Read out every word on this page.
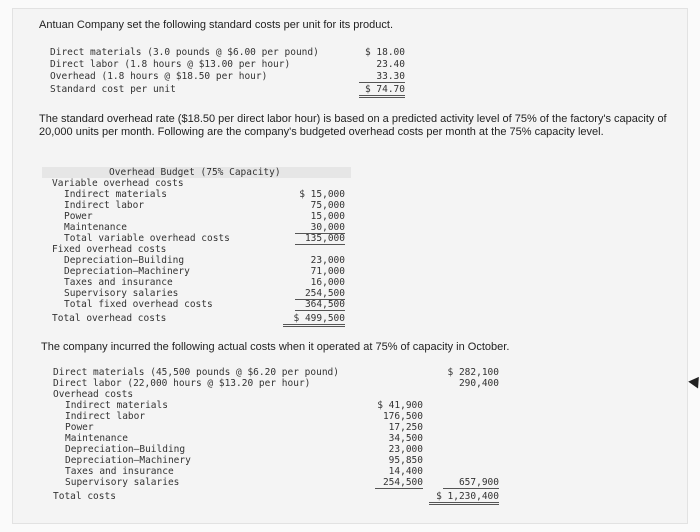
Antuan Company set the following standard costs per unit for its product.
Direct materials (3.0 pounds @ $6.00 per pound)	$ 18.00
Direct labor (1.8 hours @ $13.00 per hour)	23.40
Overhead (1.8 hours @ $18.50 per hour)	33.30
Standard cost per unit	$ 74.70
The standard overhead rate ($18.50 per direct labor hour) is based on a predicted activity level of 75% of the factory's capacity of 20,000 units per month. Following are the company's budgeted overhead costs per month at the 75% capacity level.
Overhead Budget (75% Capacity)
Variable overhead costs
Indirect materials	$ 15,000
Indirect labor	75,000
Power	15,000
Maintenance	30,000
Total variable overhead costs	135,000
Fixed overhead costs
Depreciation—Building	23,000
Depreciation—Machinery	71,000
Taxes and insurance	16,000
Supervisory salaries	254,500
Total fixed overhead costs	364,500
Total overhead costs	$ 499,500
The company incurred the following actual costs when it operated at 75% of capacity in October.
Direct materials (45,500 pounds @ $6.20 per pound)	$ 282,100
Direct labor (22,000 hours @ $13.20 per hour)	290,400
Overhead costs
Indirect materials	$ 41,900
Indirect labor	176,500
Power	17,250
Maintenance	34,500
Depreciation—Building	23,000
Depreciation—Machinery	95,850
Taxes and insurance	14,400
Supervisory salaries	254,500	657,900
Total costs	$ 1,230,400
